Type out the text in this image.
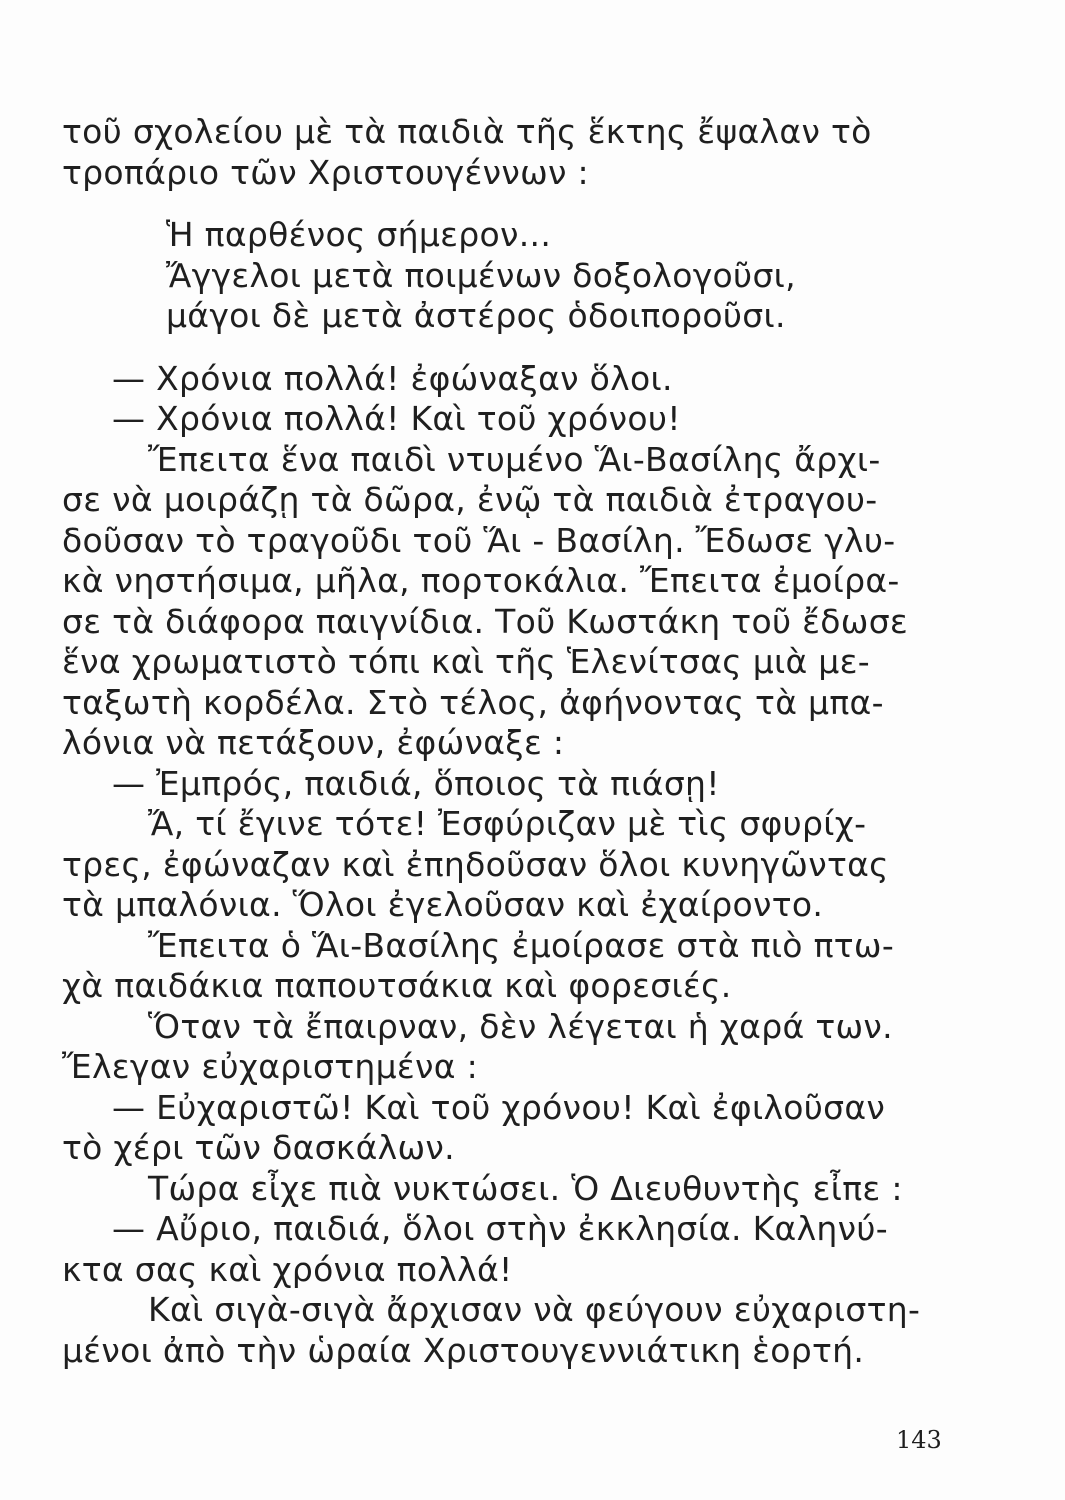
τοῦ σχολείου μὲ τὰ παιδιὰ τῆς ἕκτης ἔψαλαν τὸ
τροπάριο τῶν Χριστουγέννων :
Ἡ παρθένος σήμερον...
Ἄγγελοι μετὰ ποιμένων δοξολογοῦσι,
μάγοι δὲ μετὰ ἀστέρος ὁδοιποροῦσι.
— Χρόνια πολλά! ἐφώναξαν ὅλοι.
— Χρόνια πολλά! Καὶ τοῦ χρόνου!
Ἔπειτα ἕνα παιδὶ ντυμένο Ἅι-Βασίλης ἄρχι-
σε νὰ μοιράζῃ τὰ δῶρα, ἐνῷ τὰ παιδιὰ ἐτραγου-
δοῦσαν τὸ τραγοῦδι τοῦ Ἅι - Βασίλη. Ἔδωσε γλυ-
κὰ νηστήσιμα, μῆλα, πορτοκάλια. Ἔπειτα ἐμοίρα-
σε τὰ διάφορα παιγνίδια. Τοῦ Κωστάκη τοῦ ἔδωσε
ἕνα χρωματιστὸ τόπι καὶ τῆς Ἑλενίτσας μιὰ με-
ταξωτὴ κορδέλα. Στὸ τέλος, ἀφήνοντας τὰ μπα-
λόνια νὰ πετάξουν, ἐφώναξε :
— Ἐμπρός, παιδιά, ὅποιος τὰ πιάσῃ!
Ἄ, τί ἔγινε τότε! Ἐσφύριζαν μὲ τὶς σφυρίχ-
τρες, ἐφώναζαν καὶ ἐπηδοῦσαν ὅλοι κυνηγῶντας
τὰ μπαλόνια. Ὅλοι ἐγελοῦσαν καὶ ἐχαίροντο.
Ἔπειτα ὁ Ἅι-Βασίλης ἐμοίρασε στὰ πιὸ πτω-
χὰ παιδάκια παπουτσάκια καὶ φορεσιές.
Ὅταν τὰ ἔπαιρναν, δὲν λέγεται ἡ χαρά των.
Ἔλεγαν εὐχαριστημένα :
— Εὐχαριστῶ! Καὶ τοῦ χρόνου! Καὶ ἐφιλοῦσαν
τὸ χέρι τῶν δασκάλων.
Τώρα εἶχε πιὰ νυκτώσει. Ὁ Διευθυντὴς εἶπε :
— Αὔριο, παιδιά, ὅλοι στὴν ἐκκλησία. Καληνύ-
κτα σας καὶ χρόνια πολλά!
Καὶ σιγὰ-σιγὰ ἄρχισαν νὰ φεύγουν εὐχαριστη-
μένοι ἀπὸ τὴν ὡραία Χριστουγεννιάτικη ἑορτή.
143
